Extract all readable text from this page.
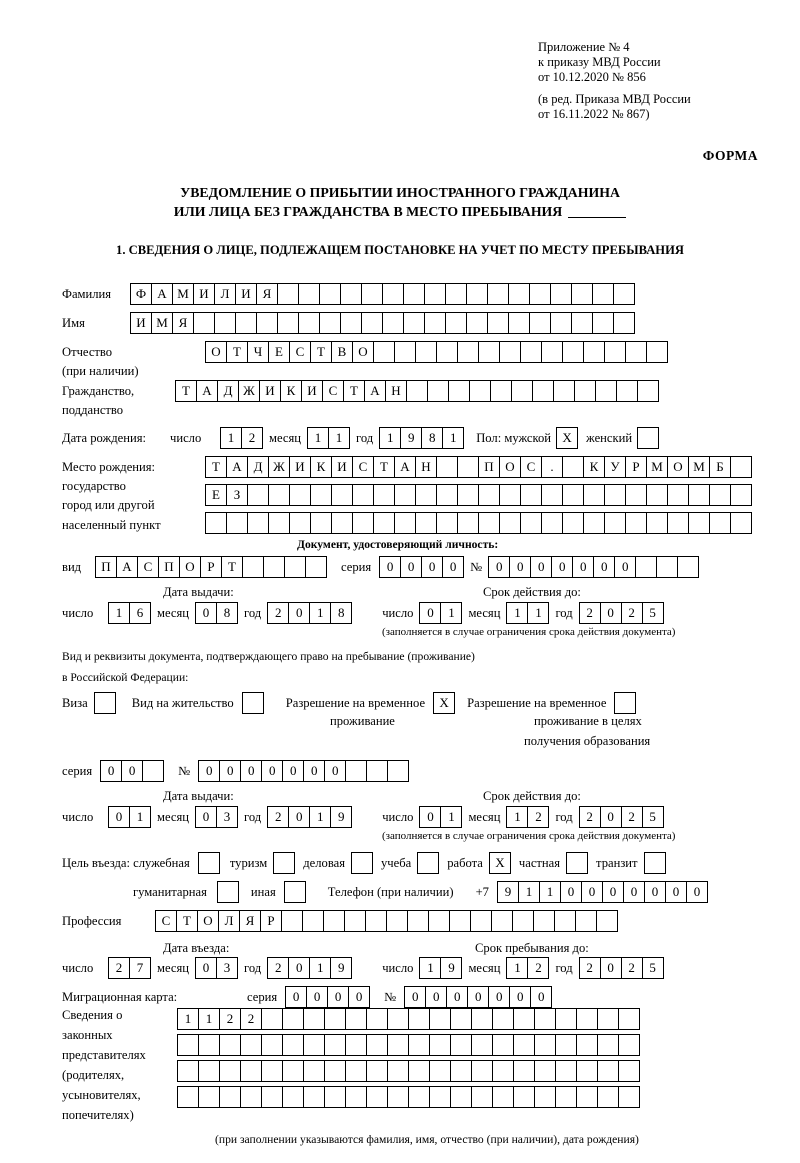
Приложение № 4
к приказу МВД России
от 10.12.2020 № 856
(в ред. Приказа МВД России
от 16.11.2022 № 867)
ФОРМА
УВЕДОМЛЕНИЕ О ПРИБЫТИИ ИНОСТРАННОГО ГРАЖДАНИНА
ИЛИ ЛИЦА БЕЗ ГРАЖДАНСТВА В МЕСТО ПРЕБЫВАНИЯ
1. СВЕДЕНИЯ О ЛИЦЕ, ПОДЛЕЖАЩЕМ ПОСТАНОВКЕ НА УЧЕТ ПО МЕСТУ ПРЕБЫВАНИЯ
Фамилия	Ф А М И Л И Я
Имя	И М Я
Отчество	О Т Ч Е С Т В О
(при наличии)
Гражданство,	Т А Д Ж И К И С Т А Н
подданство
Дата рождения:	число	1	2	месяц	1	1	год	1	9	8	1	Пол: мужской X	женский
Место рождения:	Т А Д Ж И К И С Т А Н	П О С	.	К У Р М О М Б
государство
Е	З
город или другой
населенный пункт
Документ, удостоверяющий личность:
вид	П А С П О Р	Т	серия	0	0	0	0	№	0	0	0	0	0	0	0
Дата выдачи:	Срок действия до:
число	1	6	месяц	0	8	год	2	0	1	8	число	0	1	месяц	1	1	год	2	0	2	5
(заполняется в случае ограничения срока действия документа)
Вид и реквизиты документа, подтверждающего право на пребывание (проживание)
в Российской Федерации:
Виза	Вид на жительство	Разрешение на временное	X	Разрешение на временное
проживание	проживание в целях
получения образования
серия	0	0	№	0	0	0	0	0	0	0
Дата выдачи:	Срок действия до:
число	0	1	месяц	0	3	год	2	0	1	9	число	0	1	месяц	1	2	год	2	0	2	5
(заполняется в случае ограничения срока действия документа)
Цель въезда: служебная	туризм	деловая	учеба	работа X	частная	транзит
гуманитарная	иная	Телефон (при наличии) +7	9	1	1	0	0	0	0	0	0	0
Профессия	С Т О Л Я	Р
Дата въезда:	Срок пребывания до:
число	2	7	месяц	0	3	год	2	0	1	9	число	1	9	месяц	1	2	год	2	0	2	5
Миграционная карта:	серия	0	0	0	0	№	0	0	0	0	0	0	0
Сведения о
законных
представителях
(родителях,
усыновителях,
попечителях)
1	1	2	2
(при заполнении указываются фамилия, имя, отчество (при наличии), дата рождения)
